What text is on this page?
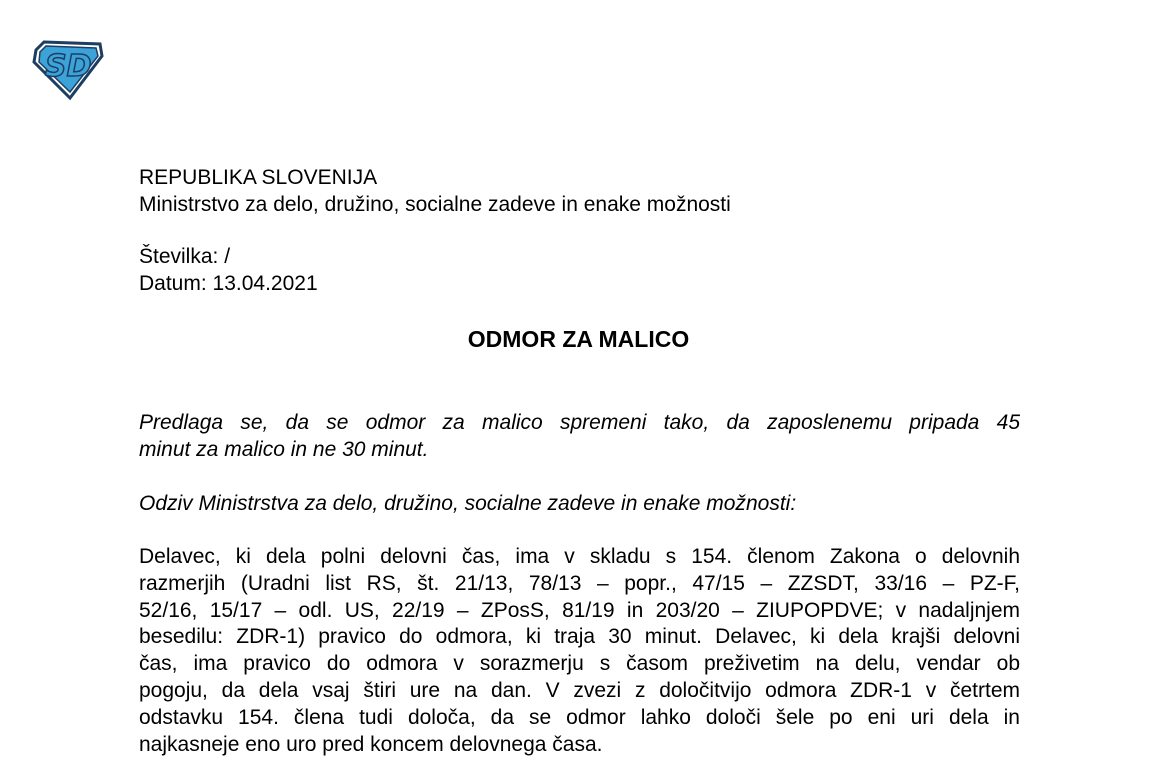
SD
REPUBLIKA SLOVENIJA
Ministrstvo za delo, družino, socialne zadeve in enake možnosti
Številka: /
Datum: 13.04.2021
ODMOR ZA MALICO
Predlaga se, da se odmor za malico spremeni tako, da zaposlenemu pripada 45
minut za malico in ne 30 minut.
Odziv Ministrstva za delo, družino, socialne zadeve in enake možnosti:
Delavec, ki dela polni delovni čas, ima v skladu s 154. členom Zakona o delovnih
razmerjih (Uradni list RS, št. 21/13, 78/13 – popr., 47/15 – ZZSDT, 33/16 – PZ-F,
52/16, 15/17 – odl. US, 22/19 – ZPosS, 81/19 in 203/20 – ZIUPOPDVE; v nadaljnjem
besedilu: ZDR-1) pravico do odmora, ki traja 30 minut. Delavec, ki dela krajši delovni
čas, ima pravico do odmora v sorazmerju s časom preživetim na delu, vendar ob
pogoju, da dela vsaj štiri ure na dan. V zvezi z določitvijo odmora ZDR-1 v četrtem
odstavku 154. člena tudi določa, da se odmor lahko določi šele po eni uri dela in
najkasneje eno uro pred koncem delovnega časa.
